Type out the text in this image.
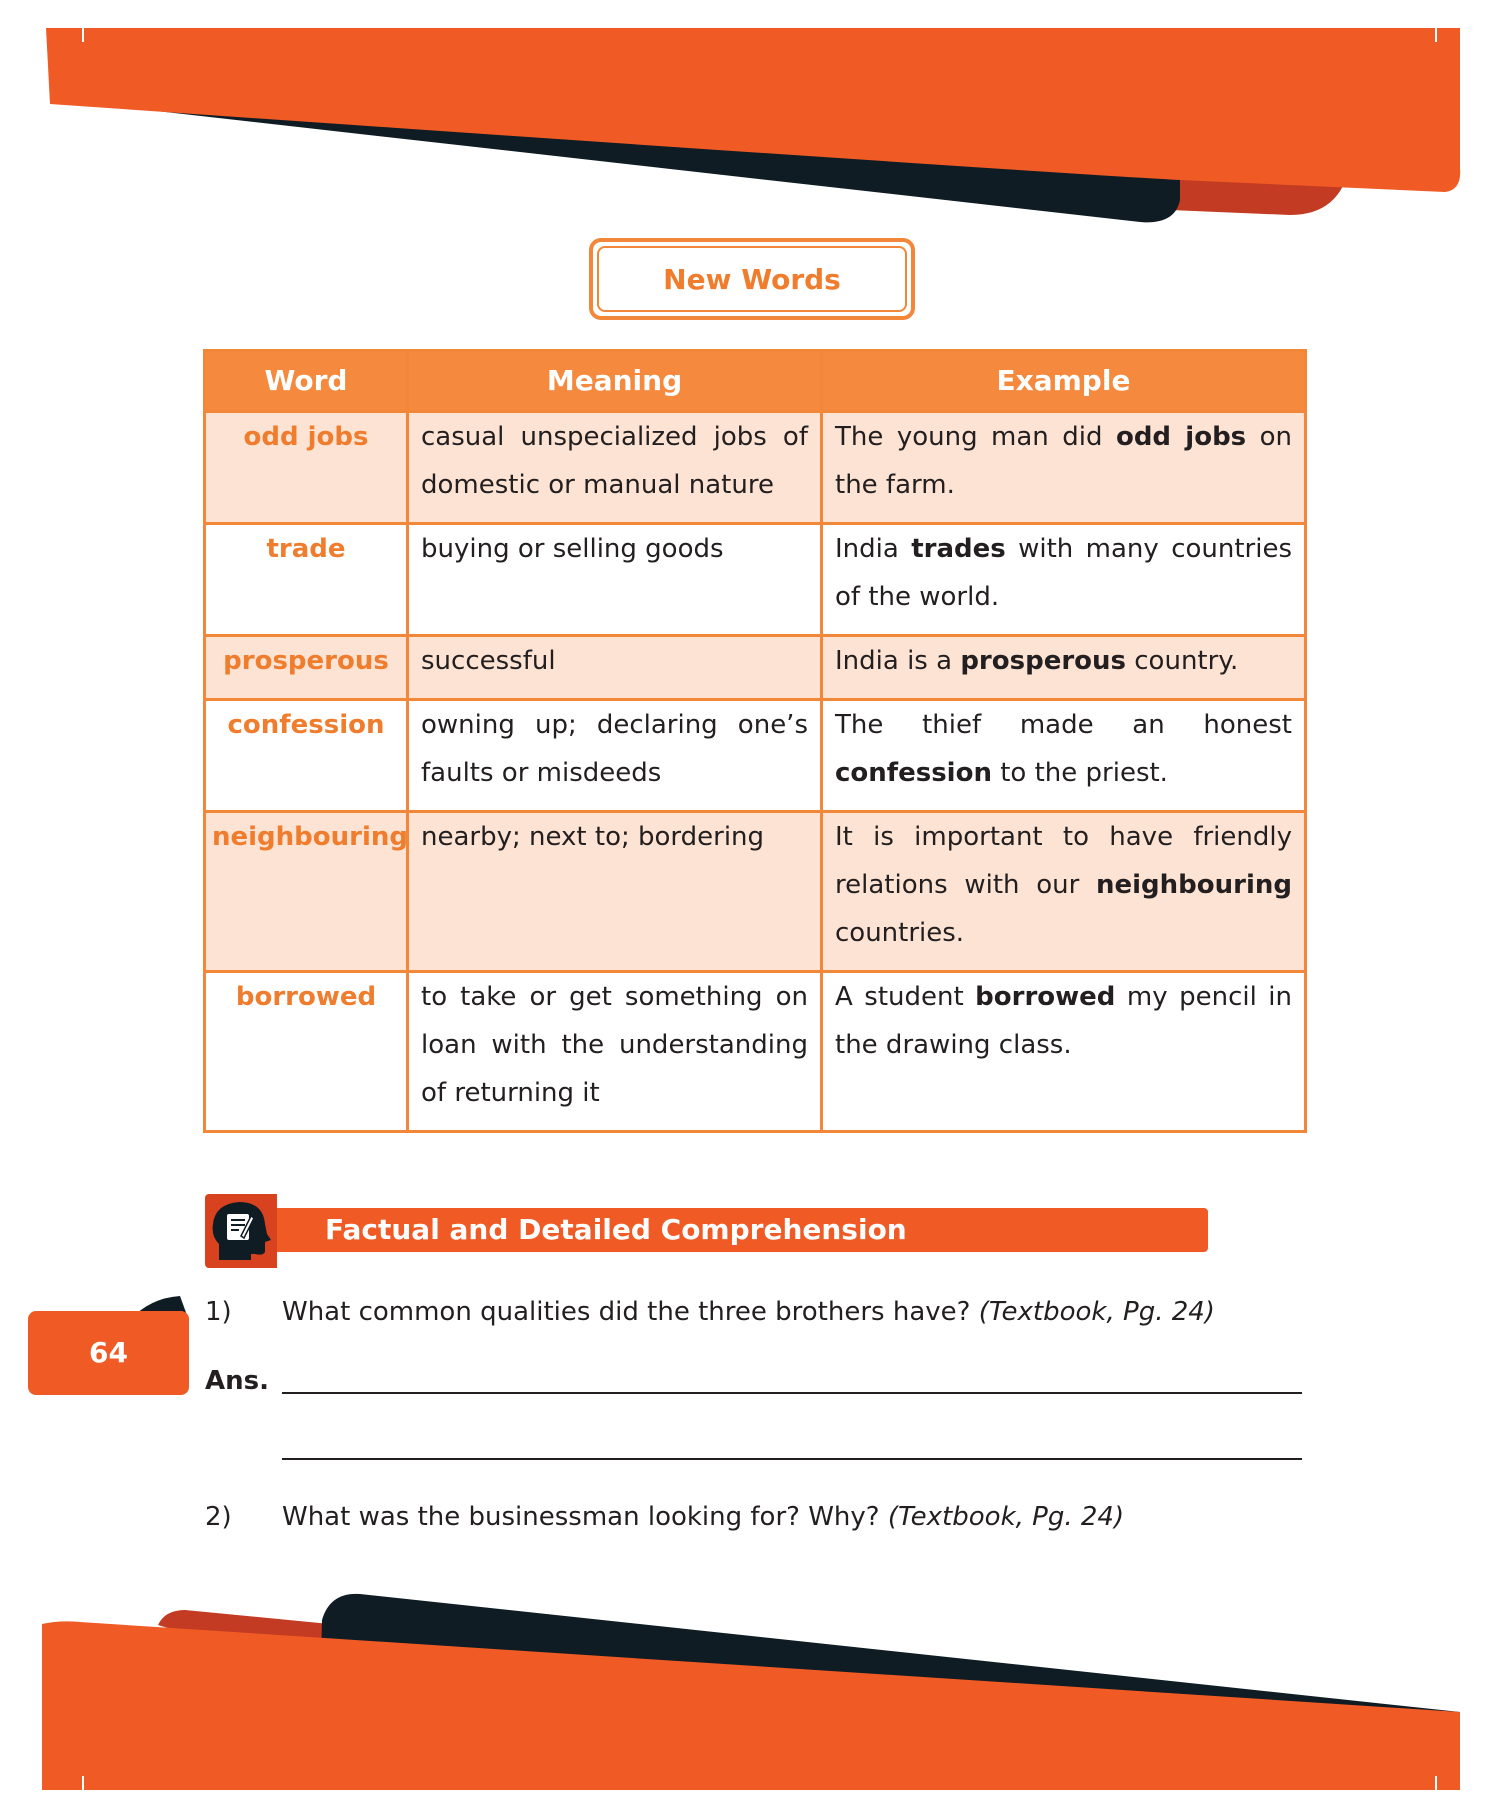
New Words
Word	Meaning	Example
odd jobs	casual unspecialized jobs of domestic or manual nature	The young man did odd jobs on the farm.
trade	buying or selling goods	India trades with many countries of the world.
prosperous	successful	India is a prosperous country.
confession	owning up; declaring one’s faults or misdeeds	The thief made an honest confession to the priest.
neighbouring	nearby; next to; bordering	It is important to have friendly relations with our neighbouring countries.
borrowed	to take or get something on loan with the understanding of returning it	A student borrowed my pencil in the drawing class.
Factual and Detailed Comprehension
64
1) What common qualities did the three brothers have? (Textbook, Pg. 24)
Ans.
2) What was the businessman looking for? Why? (Textbook, Pg. 24)
